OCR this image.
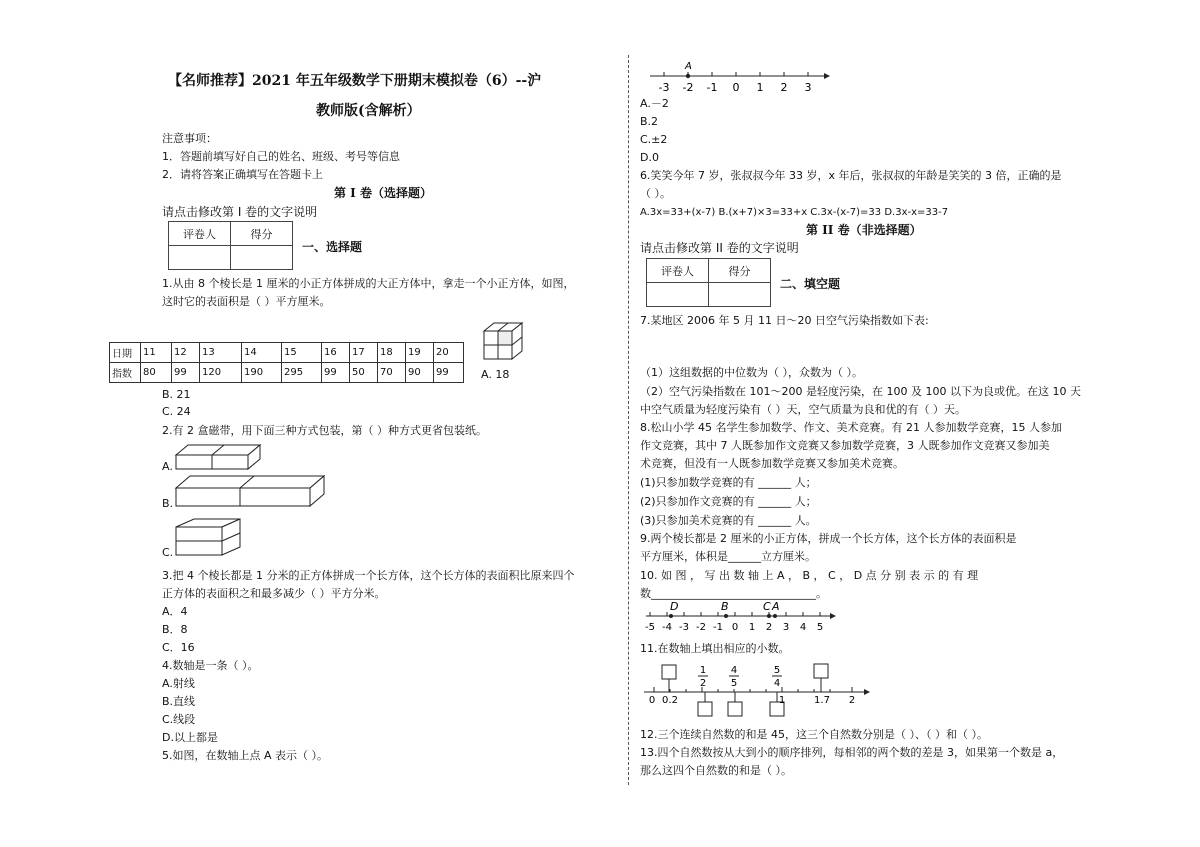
【名师推荐】2021 年五年级数学下册期末模拟卷（6）--沪
教师版(含解析）
注意事项：
1．答题前填写好自己的姓名、班级、考号等信息
2．请将答案正确填写在答题卡上
第 I 卷（选择题）
请点击修改第 I 卷的文字说明
评卷人	得分

一、选择题
1.从由 8 个棱长是 1 厘米的小正方体拼成的大正方体中，拿走一个小正方体，如图，
这时它的表面积是（ ）平方厘米。
日期	11	12	13	14	15	16	17	18	19	20
指数	80	99	120	190	295	99	50	70	90	99	A. 18
B. 21
C. 24
2.有 2 盒磁带，用下面三种方式包装，第（ ）种方式更省包装纸。
A.
B.
C.
3.把 4 个棱长都是 1 分米的正方体拼成一个长方体，这个长方体的表面积比原来四个
正方体的表面积之和最多减少（ ）平方分米。
A．4
B．8
C．16
4.数轴是一条（ ）。
A.射线
B.直线
C.线段
D.以上都是
5.如图，在数轴上点 A 表示（ ）。
A
-3 -2 -1 0 1 2 3
A.－2
B.2
C.±2
D.0
6.笑笑今年 7 岁，张叔叔今年 33 岁，x 年后，张叔叔的年龄是笑笑的 3 倍，正确的是
（ ）。
A.3x=33+(x-7) B.(x+7)×3=33+x C.3x-(x-7)=33 D.3x-x=33-7
第 II 卷（非选择题）
请点击修改第 II 卷的文字说明
评卷人	得分

二、填空题
7.某地区 2006 年 5 月 11 日～20 日空气污染指数如下表:
（1）这组数据的中位数为（ ），众数为（ ）。
（2）空气污染指数在 101～200 是轻度污染，在 100 及 100 以下为良或优。在这 10 天
中空气质量为轻度污染有（ ）天，空气质量为良和优的有（ ）天。
8.松山小学 45 名学生参加数学、作文、美术竞赛。有 21 人参加数学竞赛，15 人参加
作文竞赛，其中 7 人既参加作文竞赛又参加数学竞赛，3 人既参加作文竞赛又参加美
术竞赛，但没有一人既参加数学竞赛又参加美术竞赛。
(1)只参加数学竞赛的有 ______ 人；
(2)只参加作文竞赛的有 ______ 人；
(3)只参加美术竞赛的有 ______ 人。
9.两个棱长都是 2 厘米的小正方体，拼成一个长方体，这个长方体的表面积是
平方厘米，体积是______立方厘米。
10. 如 图 ， 写 出 数 轴 上 A ， B ， C ， D 点 分 别 表 示 的 有 理
数______________________________。
D	B	C A
-5 -4 -3 -2 -1 0 1 2 3 4 5
11.在数轴上填出相应的小数。
1
2
4
5
5
4
0 0.2	1	1.7 2
12.三个连续自然数的和是 45，这三个自然数分别是（ ）、（ ）和（ ）。
13.四个自然数按从大到小的顺序排列，每相邻的两个数的差是 3，如果第一个数是 a，
那么这四个自然数的和是（ ）。
